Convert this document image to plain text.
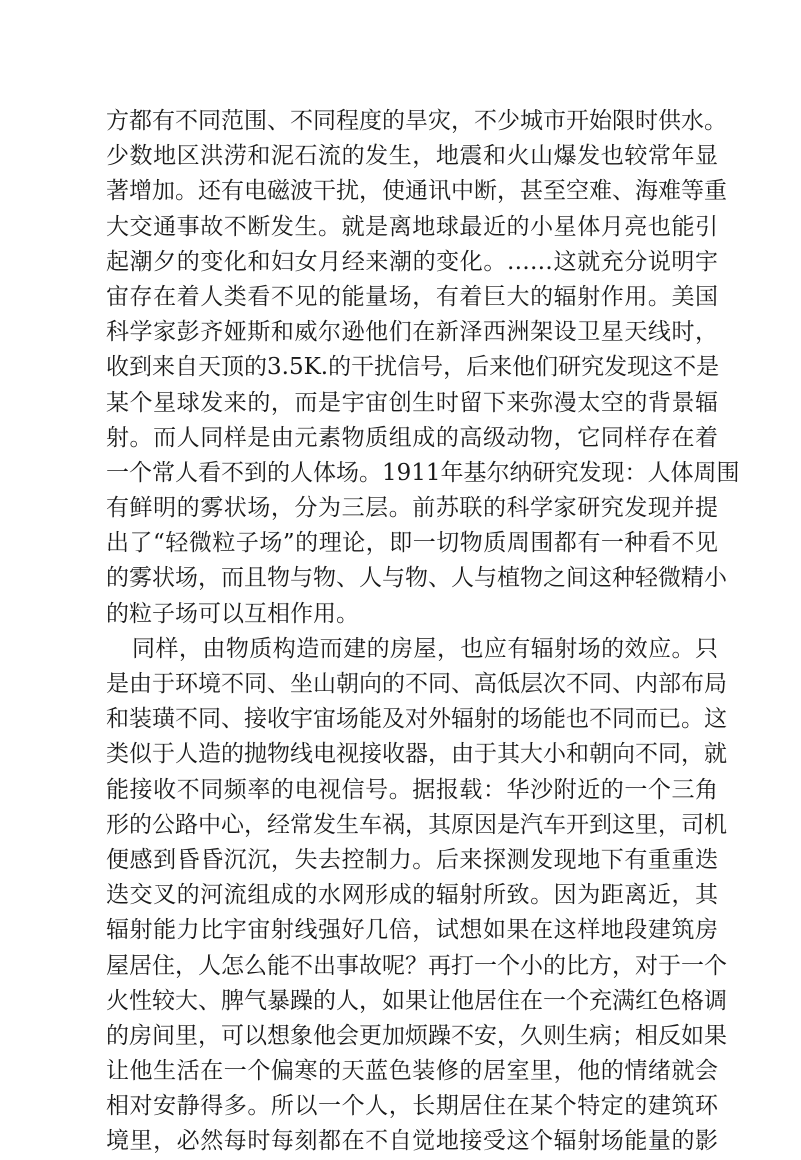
方都有不同范围、不同程度的旱灾，不少城市开始限时供水。
少数地区洪涝和泥石流的发生，地震和火山爆发也较常年显
著增加。还有电磁波干扰，使通讯中断，甚至空难、海难等重
大交通事故不断发生。就是离地球最近的小星体月亮也能引
起潮夕的变化和妇女月经来潮的变化。……这就充分说明宇
宙存在着人类看不见的能量场，有着巨大的辐射作用。美国
科学家彭齐娅斯和威尔逊他们在新泽西洲架设卫星天线时，
收到来自天顶的3.5K.的干扰信号，后来他们研究发现这不是
某个星球发来的，而是宇宙创生时留下来弥漫太空的背景辐
射。而人同样是由元素物质组成的高级动物，它同样存在着
一个常人看不到的人体场。1911年基尔纳研究发现：人体周围
有鲜明的雾状场，分为三层。前苏联的科学家研究发现并提
出了“轻微粒子场”的理论，即一切物质周围都有一种看不见
的雾状场，而且物与物、人与物、人与植物之间这种轻微精小
的粒子场可以互相作用。
同样，由物质构造而建的房屋，也应有辐射场的效应。只
是由于环境不同、坐山朝向的不同、高低层次不同、内部布局
和装璜不同、接收宇宙场能及对外辐射的场能也不同而已。这
类似于人造的抛物线电视接收器，由于其大小和朝向不同，就
能接收不同频率的电视信号。据报载：华沙附近的一个三角
形的公路中心，经常发生车祸，其原因是汽车开到这里，司机
便感到昏昏沉沉，失去控制力。后来探测发现地下有重重迭
迭交叉的河流组成的水网形成的辐射所致。因为距离近，其
辐射能力比宇宙射线强好几倍，试想如果在这样地段建筑房
屋居住，人怎么能不出事故呢？再打一个小的比方，对于一个
火性较大、脾气暴躁的人，如果让他居住在一个充满红色格调
的房间里，可以想象他会更加烦躁不安，久则生病；相反如果
让他生活在一个偏寒的天蓝色装修的居室里，他的情绪就会
相对安静得多。所以一个人，长期居住在某个特定的建筑环
境里，必然每时每刻都在不自觉地接受这个辐射场能量的影
